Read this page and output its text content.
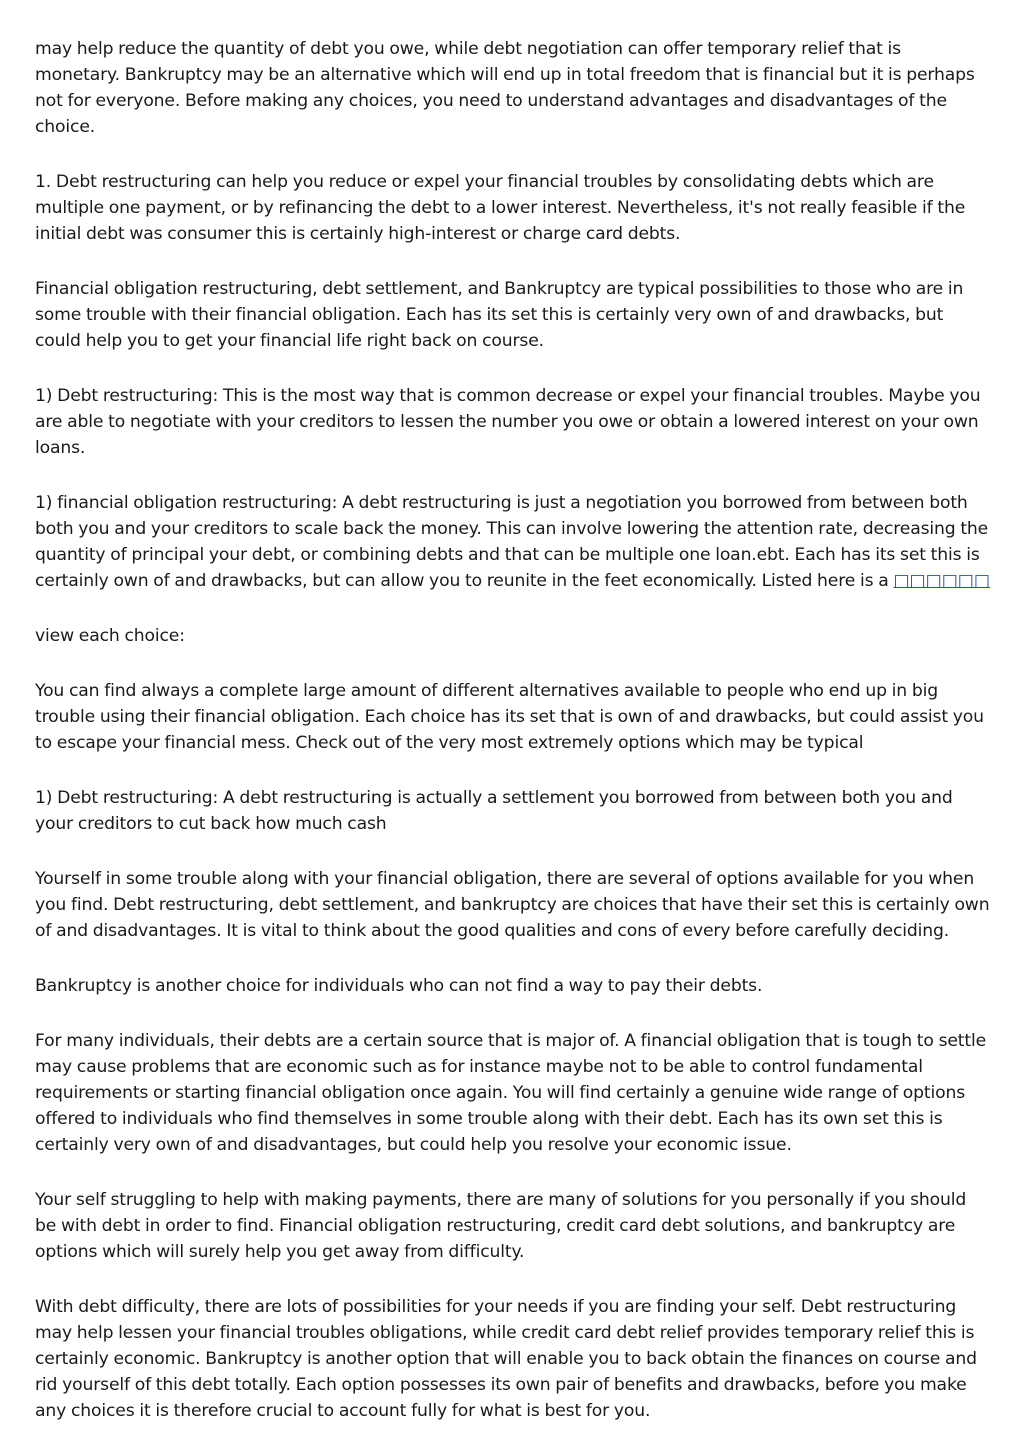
may help reduce the quantity of debt you owe, while debt negotiation can offer temporary relief that is monetary. Bankruptcy may be an alternative which will end up in total freedom that is financial but it is perhaps not for everyone. Before making any choices, you need to understand advantages and disadvantages of the choice.

1. Debt restructuring can help you reduce or expel your financial troubles by consolidating debts which are multiple one payment, or by refinancing the debt to a lower interest. Nevertheless, it's not really feasible if the initial debt was consumer this is certainly high-interest or charge card debts.

Financial obligation restructuring, debt settlement, and Bankruptcy are typical possibilities to those who are in some trouble with their financial obligation. Each has its set this is certainly very own of and drawbacks, but could help you to get your financial life right back on course.

1) Debt restructuring: This is the most way that is common decrease or expel your financial troubles. Maybe you are able to negotiate with your creditors to lessen the number you owe or obtain a lowered interest on your own loans.

1) financial obligation restructuring: A debt restructuring is just a negotiation you borrowed from between both both you and your creditors to scale back the money. This can involve lowering the attention rate, decreasing the quantity of principal your debt, or combining debts and that can be multiple one loan.ebt. Each has its set this is certainly own of and drawbacks, but can allow you to reunite in the feet economically. Listed here is a □□□□□□

view each choice:

You can find always a complete large amount of different alternatives available to people who end up in big trouble using their financial obligation. Each choice has its set that is own of and drawbacks, but could assist you to escape your financial mess. Check out of the very most extremely options which may be typical

1) Debt restructuring: A debt restructuring is actually a settlement you borrowed from between both you and your creditors to cut back how much cash

Yourself in some trouble along with your financial obligation, there are several of options available for you when you find. Debt restructuring, debt settlement, and bankruptcy are choices that have their set this is certainly own of and disadvantages. It is vital to think about the good qualities and cons of every before carefully deciding.

Bankruptcy is another choice for individuals who can not find a way to pay their debts.

For many individuals, their debts are a certain source that is major of. A financial obligation that is tough to settle may cause problems that are economic such as for instance maybe not to be able to control fundamental requirements or starting financial obligation once again. You will find certainly a genuine wide range of options offered to individuals who find themselves in some trouble along with their debt. Each has its own set this is certainly very own of and disadvantages, but could help you resolve your economic issue.

Your self struggling to help with making payments, there are many of solutions for you personally if you should be with debt in order to find. Financial obligation restructuring, credit card debt solutions, and bankruptcy are options which will surely help you get away from difficulty.

With debt difficulty, there are lots of possibilities for your needs if you are finding your self. Debt restructuring may help lessen your financial troubles obligations, while credit card debt relief provides temporary relief this is certainly economic. Bankruptcy is another option that will enable you to back obtain the finances on course and rid yourself of this debt totally. Each option possesses its own pair of benefits and drawbacks, before you make any choices it is therefore crucial to account fully for what is best for you.
